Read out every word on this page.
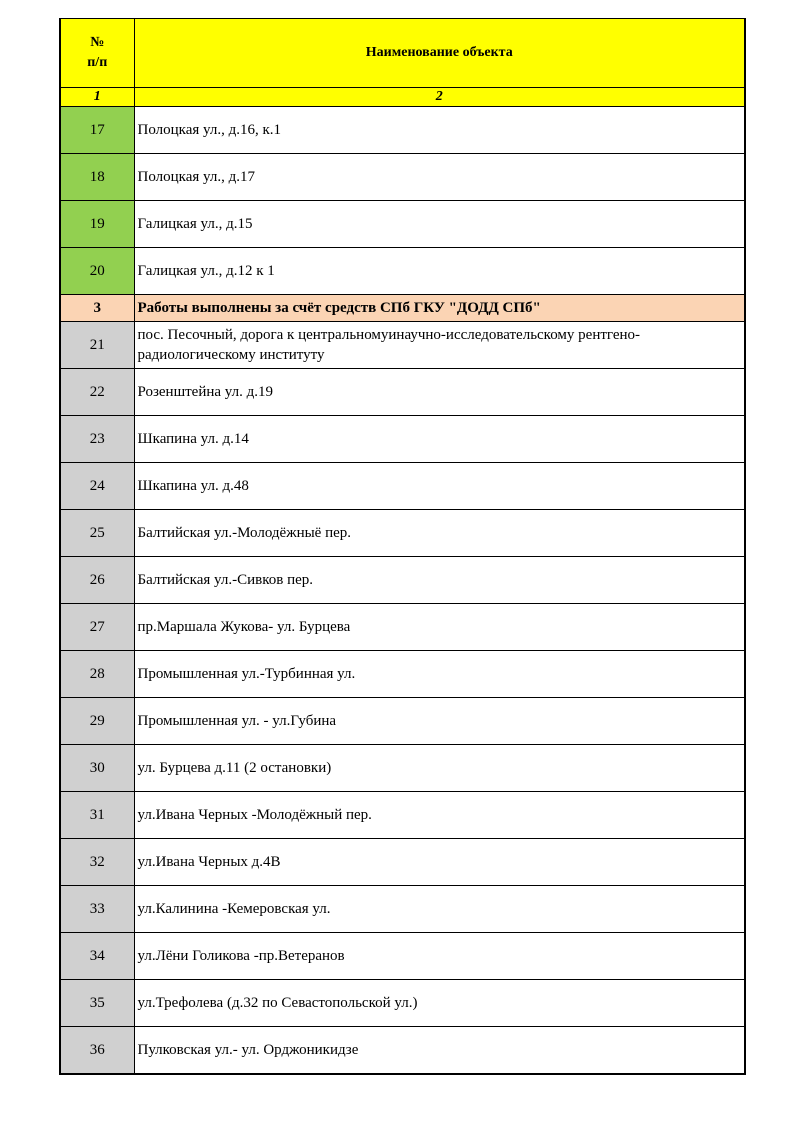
№
п/п	Наименование объекта
1	2
17	Полоцкая ул., д.16, к.1
18	Полоцкая ул., д.17
19	Галицкая ул., д.15
20	Галицкая ул., д.12 к 1
3	Работы выполнены за счёт средств СПб ГКУ "ДОДД СПб"
21	пос. Песочный, дорога к центральномуинаучно-исследовательскому рентгено-радиологическому институту
22	Розенштейна ул. д.19
23	Шкапина ул. д.14
24	Шкапина ул. д.48
25	Балтийская ул.-Молодёжныё пер.
26	Балтийская ул.-Сивков пер.
27	пр.Маршала Жукова- ул. Бурцева
28	Промышленная ул.-Турбинная ул.
29	Промышленная ул. - ул.Губина
30	ул. Бурцева д.11 (2 остановки)
31	ул.Ивана Черных -Молодёжный пер.
32	ул.Ивана Черных д.4В
33	ул.Калинина -Кемеровская ул.
34	ул.Лёни Голикова -пр.Ветеранов
35	ул.Трефолева (д.32 по Севастопольской ул.)
36	Пулковская ул.- ул. Орджоникидзе
